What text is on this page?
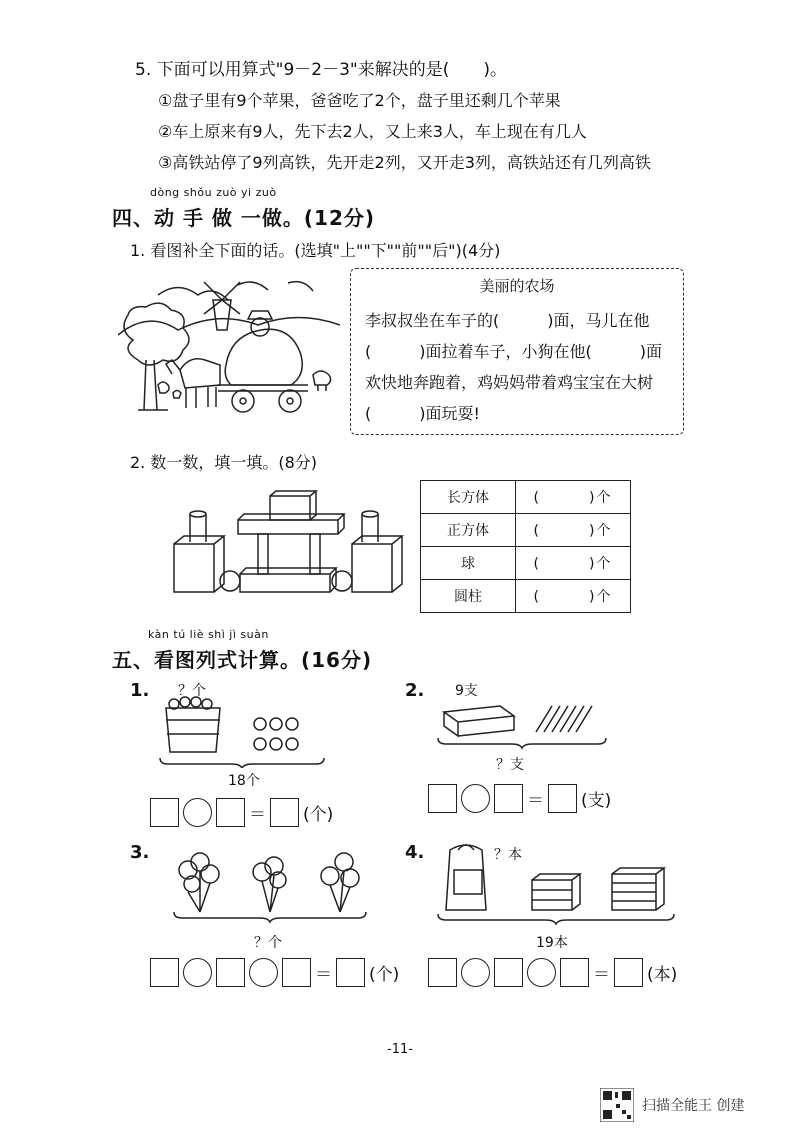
5. 下面可以用算式"9－2－3"来解决的是(　　)。
①盘子里有9个苹果，爸爸吃了2个，盘子里还剩几个苹果
②车上原来有9人，先下去2人，又上来3人，车上现在有几人
③高铁站停了9列高铁，先开走2列，又开走3列，高铁站还有几列高铁
dòng shǒu zuò yi zuò
四、动 手 做 一做。(12分)
1. 看图补全下面的话。(选填"上""下""前""后")(4分)
美丽的农场
李叔叔坐在车子的(　　　)面，马儿在他(　　　)面拉着车子，小狗在他(　　　)面欢快地奔跑着，鸡妈妈带着鸡宝宝在大树(　　　)面玩耍!
2. 数一数，填一填。(8分)
长方体	(　　　)个
正方体	(　　　)个
球	(　　　)个
圆柱	(　　　)个
kàn tú liè shì jì suàn
五、看图列式计算。(16分)
1. ？个
18个
＝ (个)
2. 9支
？支
＝ (支)
3.
？个
＝ (个)
4.	？本
19本
＝ (本)
-11-
扫描全能王 创建
